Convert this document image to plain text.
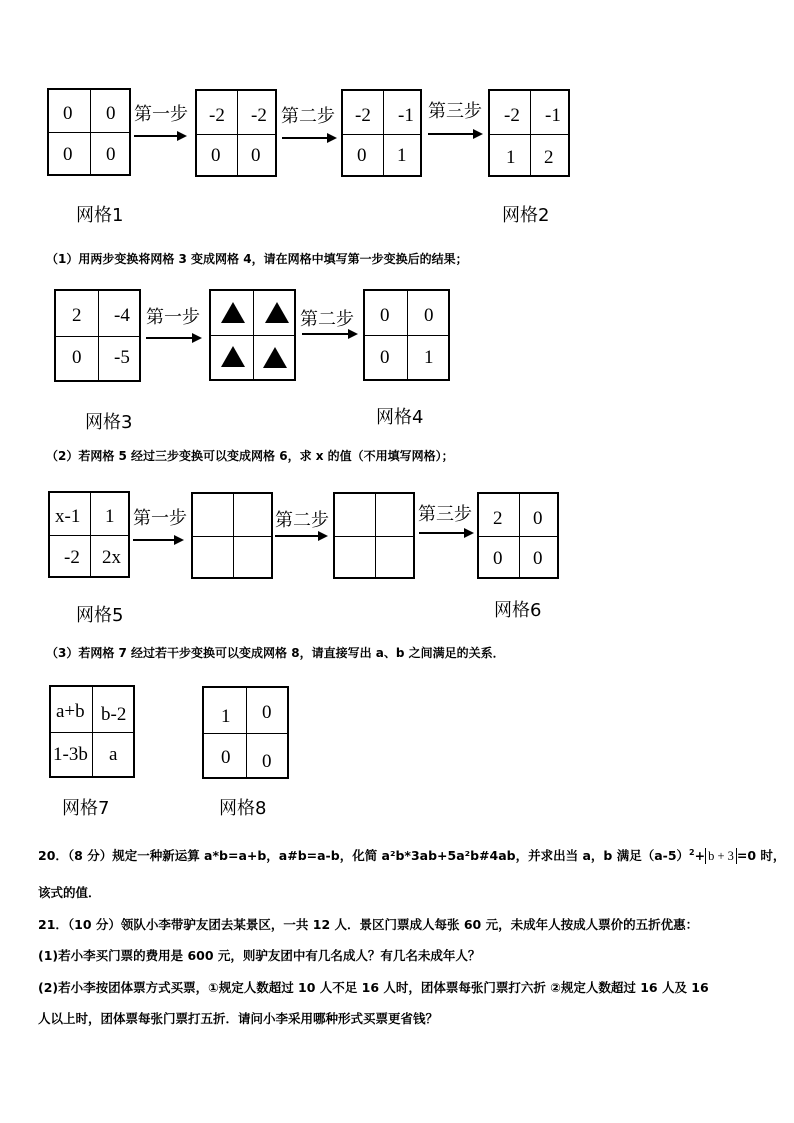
0 0
0 0
第一步 -2 -2
0 0
第二步 -2 -1
0 1
第三步 -2 -1
1 2
网格1	网格2
（1）用两步变换将网格 3 变成网格 4，请在网格中填写第一步变换后的结果；
2 -4
0 -5
第一步	第二步 0 0
0 1
网格3	网格4
（2）若网格 5 经过三步变换可以变成网格 6，求 x 的值（不用填写网格）；
x-1 1
-2 2x
第一步	第二步	第三步 2 0
0 0
网格5	网格6
（3）若网格 7 经过若干步变换可以变成网格 8，请直接写出 a、b 之间满足的关系．
a+b b-2
1-3b a
1 0
0 0
网格7	网格8
20．（8 分）规定一种新运算 a*b=a+b，a#b=a-b，化简 a²b*3ab+5a²b#4ab，并求出当 a，b 满足$(a-5)^2+ b + 3 =0$ 时，
该式的值．
21．（10 分）领队小李带驴友团去某景区，一共 12 人．景区门票成人每张 60 元，未成年人按成人票价的五折优惠：
(1)若小李买门票的费用是 600 元，则驴友团中有几名成人？有几名未成年人？
(2)若小李按团体票方式买票，①规定人数超过 10 人不足 16 人时，团体票每张门票打六折 ②规定人数超过 16 人及 16
人以上时，团体票每张门票打五折．请问小李采用哪种形式买票更省钱？
